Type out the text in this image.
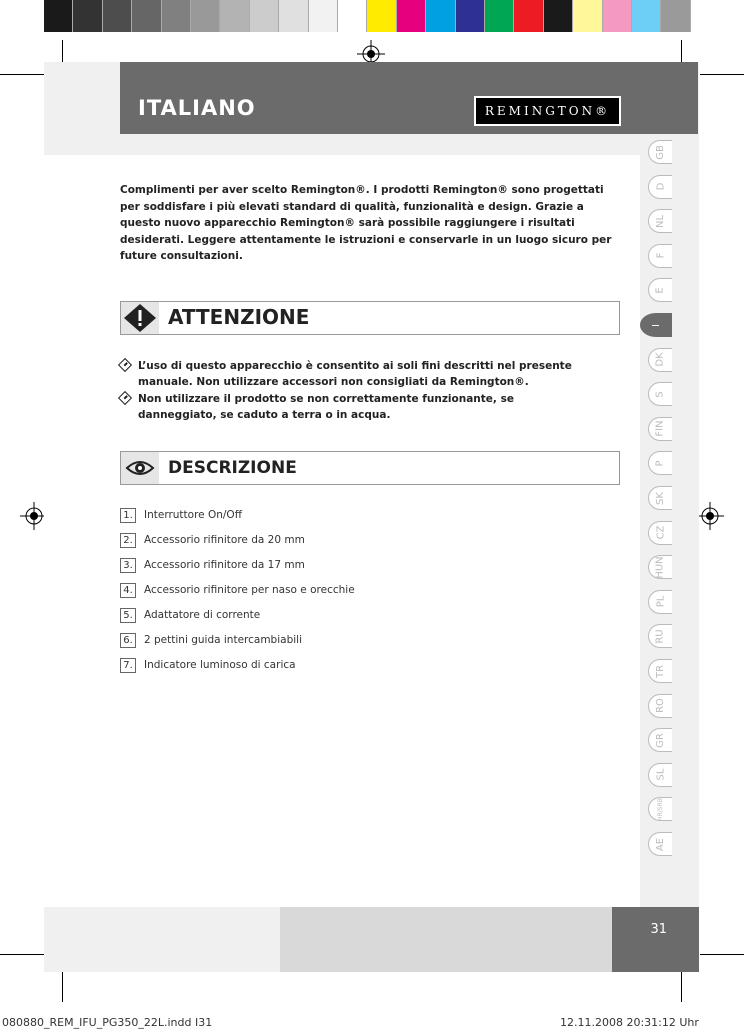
ITALIANO	REMINGTON®
Complimenti per aver scelto Remington®. I prodotti Remington® sono progettati per soddisfare i più elevati standard di qualità, funzionalità e design. Grazie a questo nuovo apparecchio Remington® sarà possibile raggiungere i risultati desiderati. Leggere attentamente le istruzioni e conservarle in un luogo sicuro per future consultazioni.
ATTENZIONE
L’uso di questo apparecchio è consentito ai soli fini descritti nel presente manuale. Non utilizzare accessori non consigliati da Remington®.
Non utilizzare il prodotto se non correttamente funzionante, se danneggiato, se caduto a terra o in acqua.
DESCRIZIONE
1.	Interruttore On/Off
2.	Accessorio rifinitore da 20 mm
3.	Accessorio rifinitore da 17 mm
4.	Accessorio rifinitore per naso e orecchie
5.	Adattatore di corrente
6.	2 pettini guida intercambiabili
7.	Indicatore luminoso di carica
GB
D
NL
F
E
I
DK
S
FIN
P
SK
CZ
HUN
PL
RU
TR
RO
GR
SL
HR/SRB
AE
31
080880_REM_IFU_PG350_22L.indd I31	12.11.2008 20:31:12 Uhr
